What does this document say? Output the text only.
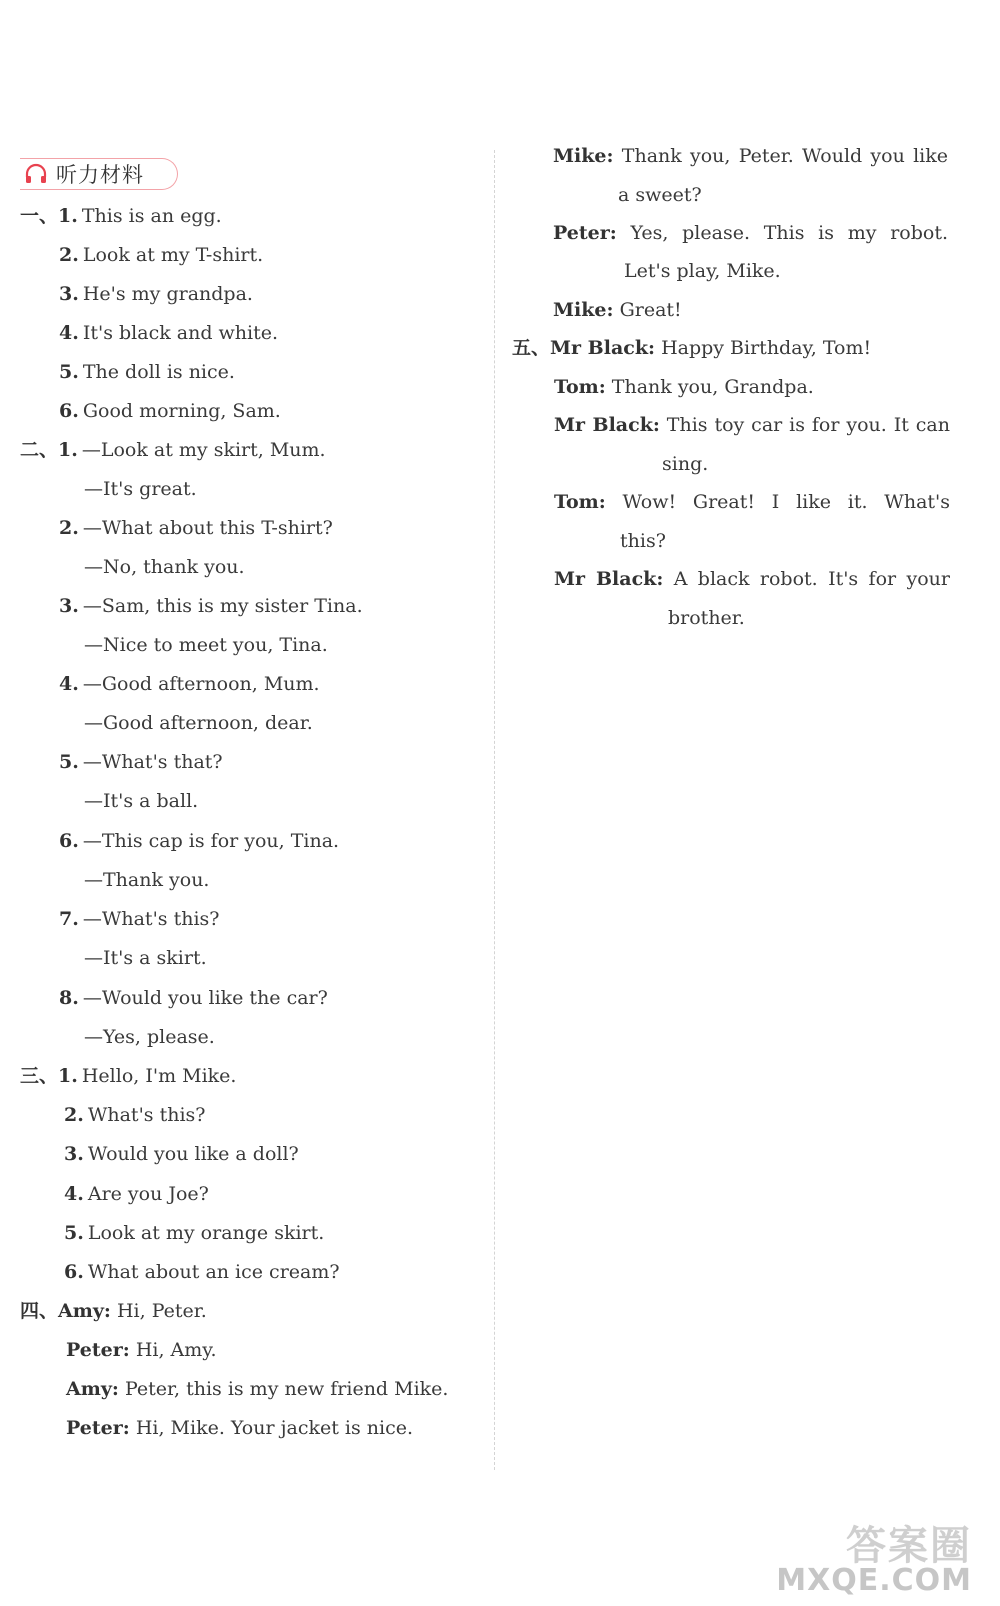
听力材料
一、1. This is an egg.
2. Look at my T-shirt.
3. He's my grandpa.
4. It's black and white.
5. The doll is nice.
6. Good morning, Sam.
二、1. —Look at my skirt, Mum.
—It's great.
2. —What about this T-shirt?
—No, thank you.
3. —Sam, this is my sister Tina.
—Nice to meet you, Tina.
4. —Good afternoon, Mum.
—Good afternoon, dear.
5. —What's that?
—It's a ball.
6. —This cap is for you, Tina.
—Thank you.
7. —What's this?
—It's a skirt.
8. —Would you like the car?
—Yes, please.
三、1. Hello, I'm Mike.
2. What's this?
3. Would you like a doll?
4. Are you Joe?
5. Look at my orange skirt.
6. What about an ice cream?
四、Amy: Hi, Peter.
Peter: Hi, Amy.
Amy: Peter, this is my new friend Mike.
Peter: Hi, Mike. Your jacket is nice.
Mike: Thank you, Peter. Would you like
a sweet?
Peter: Yes, please. This is my robot.
Let's play, Mike.
Mike: Great!
五、Mr Black: Happy Birthday, Tom!
Tom: Thank you, Grandpa.
Mr Black: This toy car is for you. It can
sing.
Tom: Wow! Great! I like it. What's
this?
Mr Black: A black robot. It's for your
brother.
答案圈
MXQE.COM
